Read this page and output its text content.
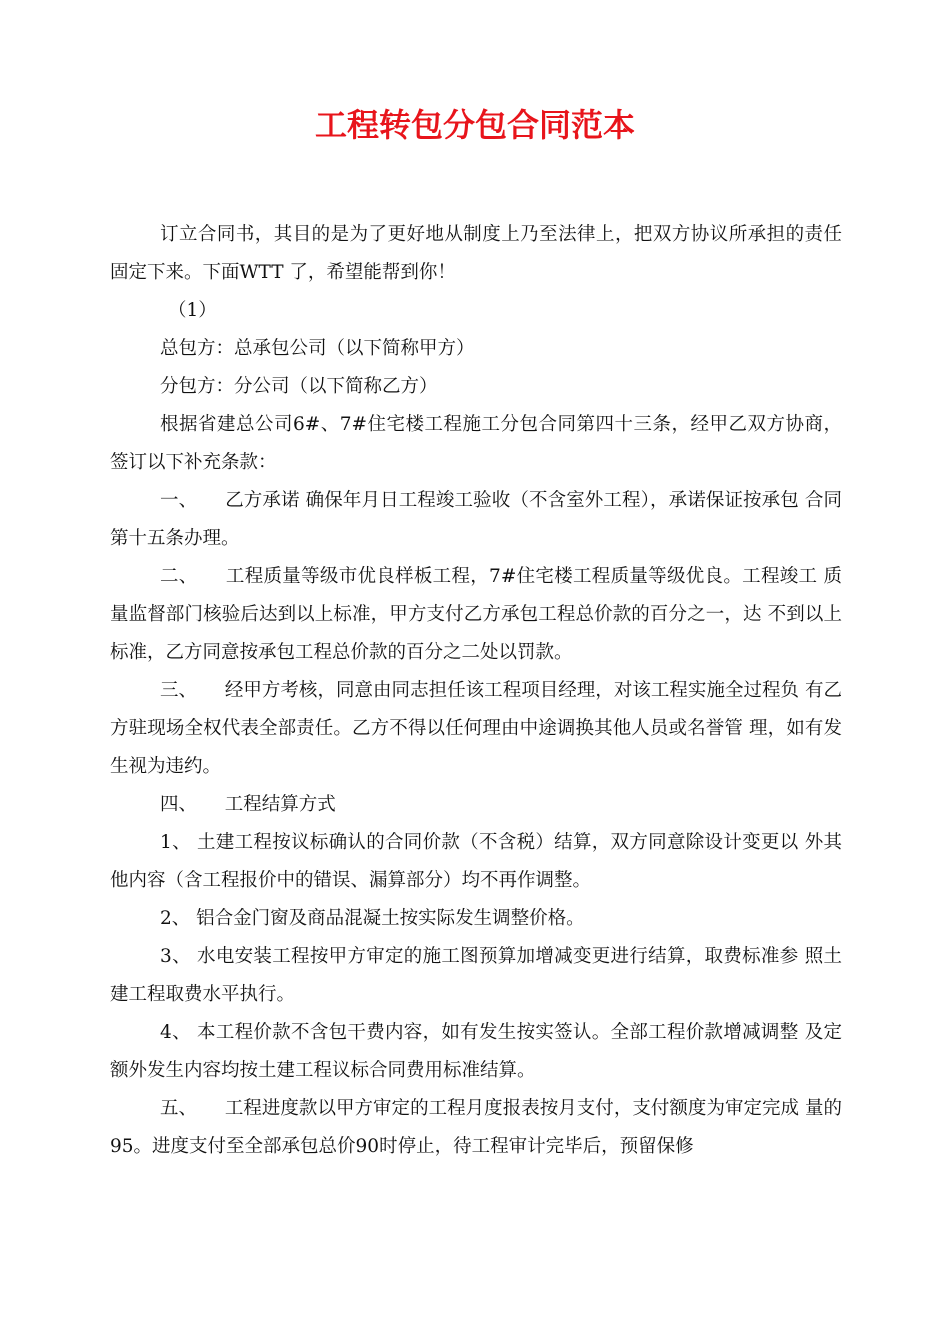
工程转包分包合同范本

订立合同书，其目的是为了更好地从制度上乃至法律上，把双方协议所承担的责任固定下来。下面WTT 了，希望能帮到你！

（1）

总包方：总承包公司（以下简称甲方）

分包方：分公司（以下简称乙方）

根据省建总公司6#、7#住宅楼工程施工分包合同第四十三条，经甲乙双方协商，签订以下补充条款：

一、　　乙方承诺 确保年月日工程竣工验收（不含室外工程），承诺保证按承包 合同第十五条办理。

二、　　工程质量等级市优良样板工程，7#住宅楼工程质量等级优良。工程竣工 质量监督部门核验后达到以上标准，甲方支付乙方承包工程总价款的百分之一，达 不到以上标准，乙方同意按承包工程总价款的百分之二处以罚款。

三、　　经甲方考核，同意由同志担任该工程项目经理，对该工程实施全过程负 有乙方驻现场全权代表全部责任。乙方不得以任何理由中途调换其他人员或名誉管 理，如有发生视为违约。

四、　　工程结算方式

1、 土建工程按议标确认的合同价款（不含税）结算，双方同意除设计变更以 外其他内容（含工程报价中的错误、漏算部分）均不再作调整。

2、 铝合金门窗及商品混凝土按实际发生调整价格。

3、 水电安装工程按甲方审定的施工图预算加增减变更进行结算，取费标准参 照土建工程取费水平执行。

4、 本工程价款不含包干费内容，如有发生按实签认。全部工程价款增减调整 及定额外发生内容均按土建工程议标合同费用标准结算。

五、　　工程进度款以甲方审定的工程月度报表按月支付，支付额度为审定完成 量的95。进度支付至全部承包总价90时停止，待工程审计完毕后，预留保修
